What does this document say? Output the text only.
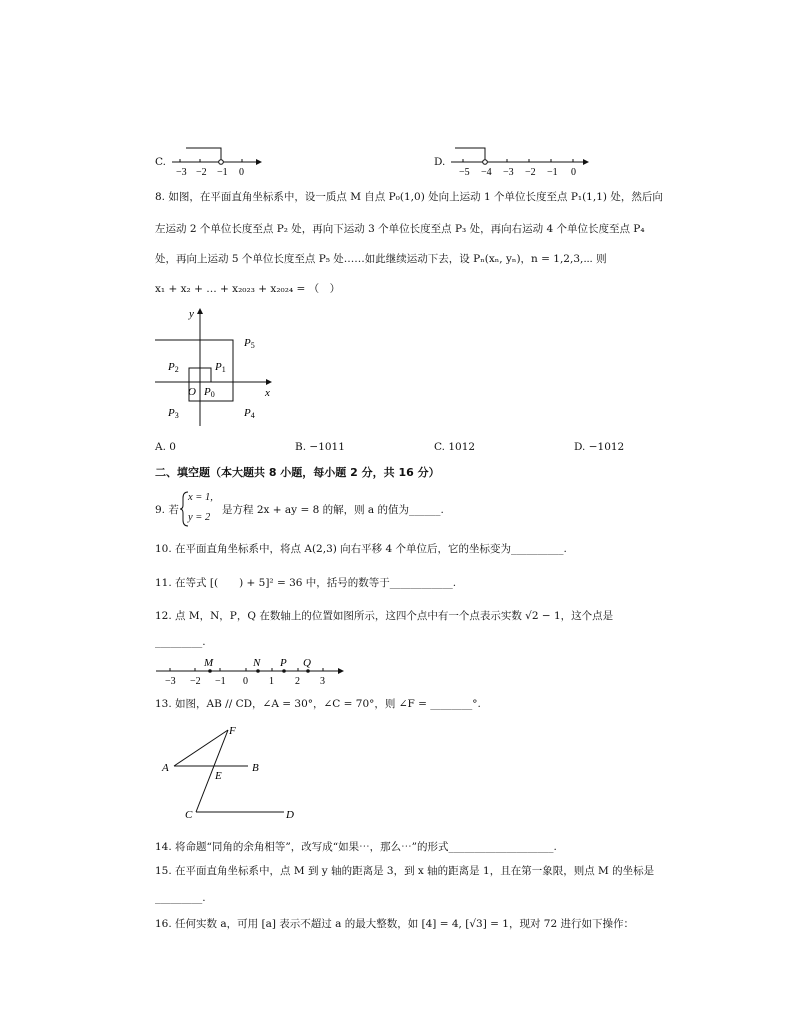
C.
−3 −2 −1 0
D.
−5 −4 −3 −2 −1 0
8. 如图，在平面直角坐标系中，设一质点 M 自点 P₀(1,0) 处向上运动 1 个单位长度至点 P₁(1,1) 处，然后向
左运动 2 个单位长度至点 P₂ 处，再向下运动 3 个单位长度至点 P₃ 处，再向右运动 4 个单位长度至点 P₄
处，再向上运动 5 个单位长度至点 P₅ 处……如此继续运动下去，设 Pₙ(xₙ, yₙ)，n = 1,2,3,⋯ 则
x₁ + x₂ + … + x₂₀₂₃ + x₂₀₂₄ = （　）
y
x
O P0
P1
P2
P3	P4
P5
A. 0	B. −1011	C. 1012	D. −1012
二、填空题（本大题共 8 小题，每小题 2 分，共 16 分）
9. 若
x = 1,
y = 2
是方程 2x + ay = 8 的解，则 a 的值为______.
10. 在平面直角坐标系中，将点 A(2,3) 向右平移 4 个单位后，它的坐标变为__________.
11. 在等式 [(　　) + 5]² = 36 中，括号的数等于____________.
12. 点 M，N，P，Q 在数轴上的位置如图所示，这四个点中有一个点表示实数 √2 − 1，这个点是
_________.
M	N P Q
−3 −2 −1 0 1 2 3
13. 如图，AB // CD，∠A = 30°，∠C = 70°，则 ∠F = ________°.
F
A
E
B
C	D
14. 将命题“同角的余角相等”，改写成“如果⋯，那么⋯”的形式____________________.
15. 在平面直角坐标系中，点 M 到 y 轴的距离是 3，到 x 轴的距离是 1，且在第一象限，则点 M 的坐标是
_________.
16. 任何实数 a，可用 [a] 表示不超过 a 的最大整数，如 [4] = 4, [√3] = 1，现对 72 进行如下操作：
